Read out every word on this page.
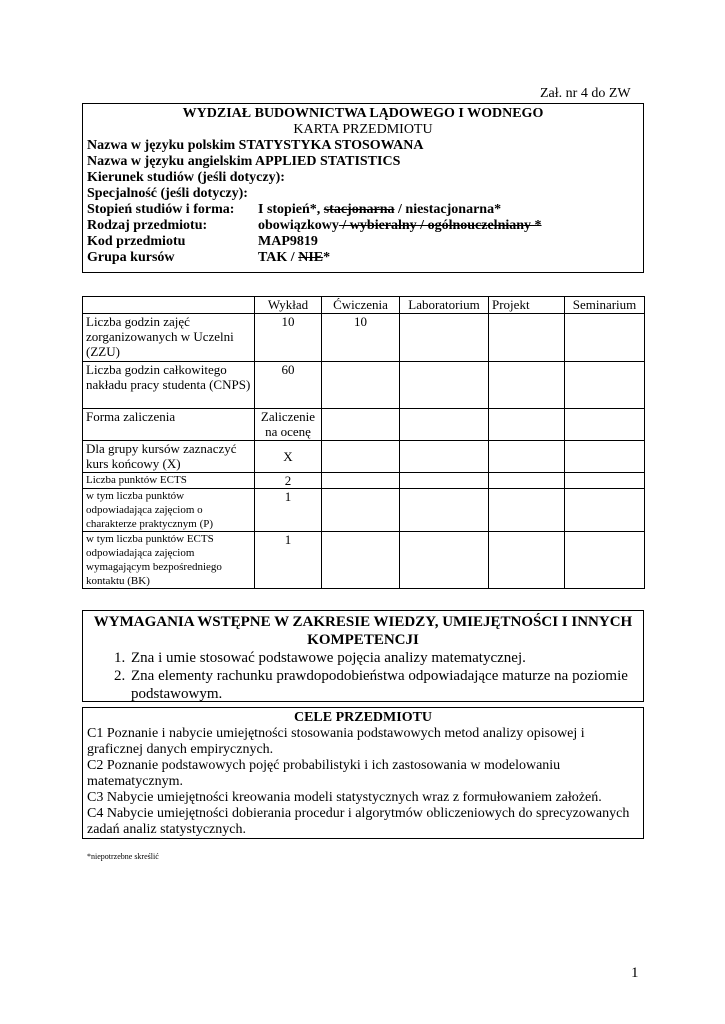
Zał. nr 4 do ZW
WYDZIAŁ BUDOWNICTWA LĄDOWEGO I WODNEGO
KARTA PRZEDMIOTU
Nazwa w języku polskim STATYSTYKA STOSOWANA
Nazwa w języku angielskim APPLIED STATISTICS
Kierunek studiów (jeśli dotyczy):
Specjalność (jeśli dotyczy):
Stopień studiów i forma:	I stopień*, stacjonarna / niestacjonarna*
Rodzaj przedmiotu:	obowiązkowy / wybieralny / ogólnouczelniany *
Kod przedmiotu	MAP9819
Grupa kursów	TAK / NIE*
	Wykład	Ćwiczenia	Laboratorium	Projekt	Seminarium
Liczba godzin zajęć zorganizowanych w Uczelni (ZZU)	10	10			
Liczba godzin całkowitego nakładu pracy studenta (CNPS)	60				
Forma zaliczenia	Zaliczenie na ocenę				
Dla grupy kursów zaznaczyć kurs końcowy (X)	X				
Liczba punktów ECTS	2				
w tym liczba punktów odpowiadająca zajęciom o charakterze praktycznym (P)	1				
w tym liczba punktów ECTS odpowiadająca zajęciom wymagającym bezpośredniego kontaktu (BK)	1				
WYMAGANIA WSTĘPNE W ZAKRESIE WIEDZY, UMIEJĘTNOŚCI I INNYCH KOMPETENCJI
1. Zna i umie stosować podstawowe pojęcia analizy matematycznej.
2. Zna elementy rachunku prawdopodobieństwa odpowiadające maturze na poziomie podstawowym.
CELE PRZEDMIOTU
C1 Poznanie i nabycie umiejętności stosowania podstawowych metod analizy opisowej i graficznej danych empirycznych.
C2 Poznanie podstawowych pojęć probabilistyki i ich zastosowania w modelowaniu matematycznym.
C3 Nabycie umiejętności kreowania modeli statystycznych wraz z formułowaniem założeń.
C4 Nabycie umiejętności dobierania procedur i algorytmów obliczeniowych do sprecyzowanych zadań analiz statystycznych.
*niepotrzebne skreślić
1
